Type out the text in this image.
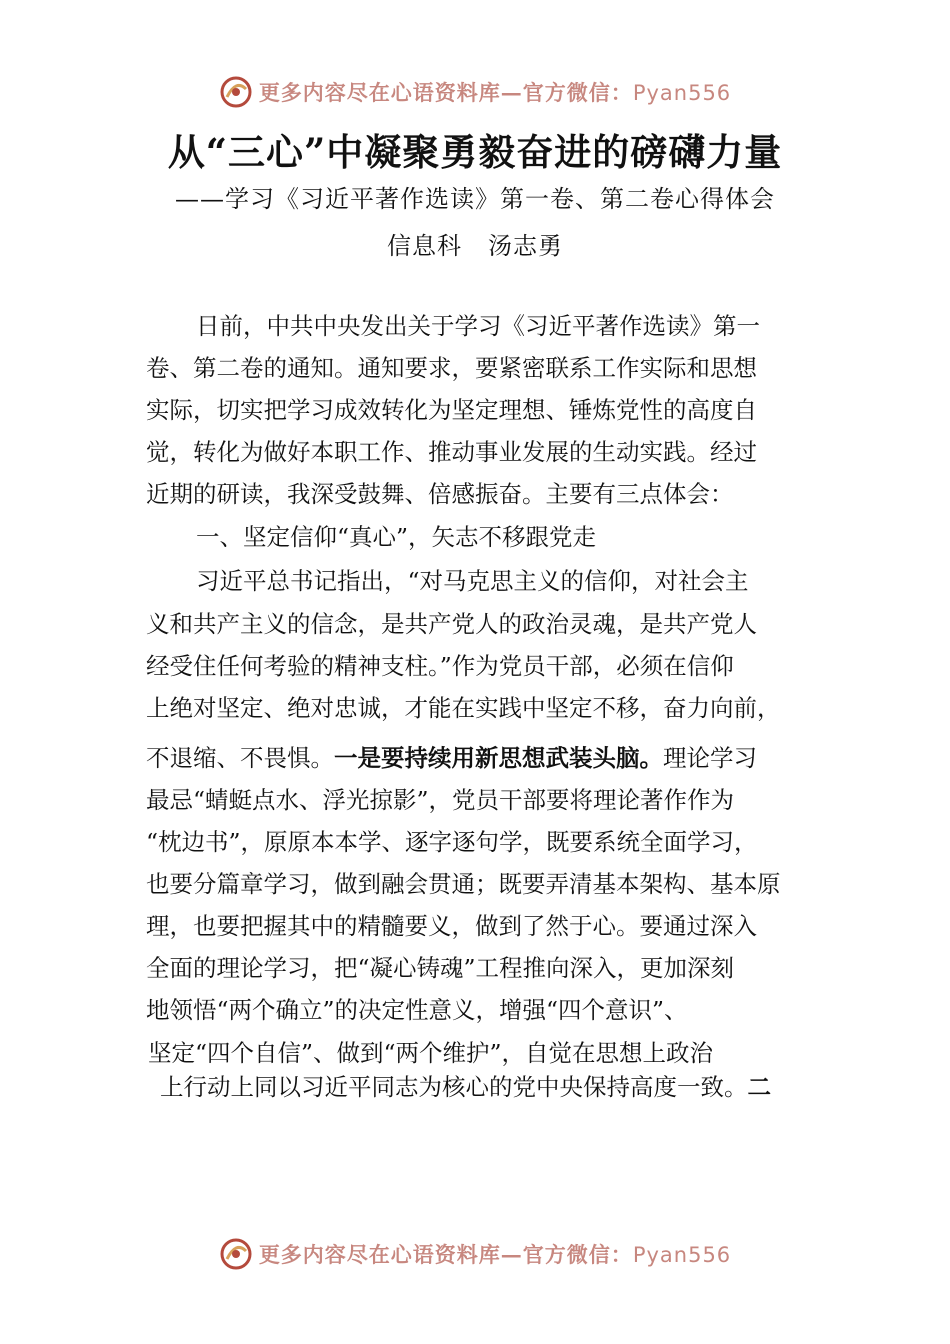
更多内容尽在心语资料库—官方微信：Pyan556
从“三心”中凝聚勇毅奋进的磅礴力量
——学习《习近平著作选读》第一卷、第二卷心得体会
信息科 汤志勇
日前，中共中央发出关于学习《习近平著作选读》第一
卷、第二卷的通知。通知要求，要紧密联系工作实际和思想
实际，切实把学习成效转化为坚定理想、锤炼党性的高度自
觉，转化为做好本职工作、推动事业发展的生动实践。经过
近期的研读，我深受鼓舞、倍感振奋。主要有三点体会：
一、坚定信仰“真心”，矢志不移跟党走
习近平总书记指出，“对马克思主义的信仰，对社会主
义和共产主义的信念，是共产党人的政治灵魂，是共产党人
经受住任何考验的精神支柱。”作为党员干部，必须在信仰
上绝对坚定、绝对忠诚，才能在实践中坚定不移，奋力向前，
不退缩、不畏惧。一是要持续用新思想武装头脑。理论学习
最忌“蜻蜓点水、浮光掠影”，党员干部要将理论著作作为
“枕边书”，原原本本学、逐字逐句学，既要系统全面学习，
也要分篇章学习，做到融会贯通；既要弄清基本架构、基本原
理，也要把握其中的精髓要义，做到了然于心。要通过深入
全面的理论学习，把“凝心铸魂”工程推向深入，更加深刻
地领悟“两个确立”的决定性意义，增强“四个意识”、
坚定“四个自信”、做到“两个维护”，自觉在思想上政治
上行动上同以习近平同志为核心的党中央保持高度一致。二
更多内容尽在心语资料库—官方微信：Pyan556
